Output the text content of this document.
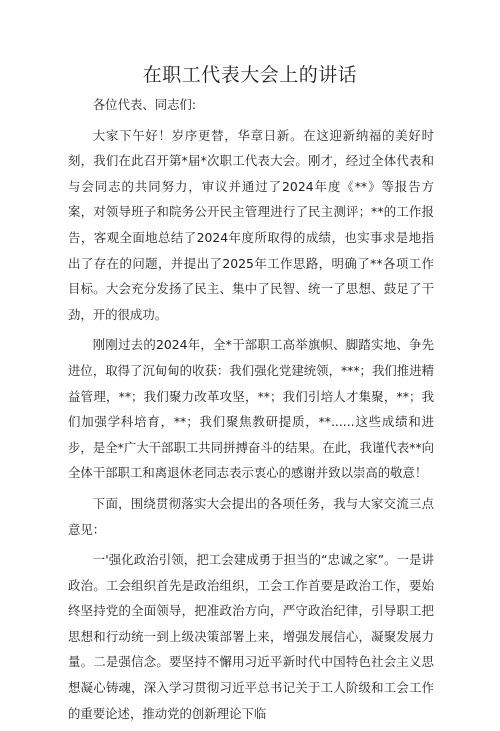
在职工代表大会上的讲话
各位代表、同志们:

大家下午好！岁序更替，华章日新。在这迎新纳福的美好时刻，我们在此召开第*届*次职工代表大会。刚才，经过全体代表和与会同志的共同努力，审议并通过了2024年度《**》等报告方案，对领导班子和院务公开民主管理进行了民主测评；**的工作报告，客观全面地总结了2024年度所取得的成绩，也实事求是地指出了存在的问题，并提出了2025年工作思路，明确了**各项工作目标。大会充分发扬了民主、集中了民智、统一了思想、鼓足了干劲，开的很成功。

刚刚过去的2024年，全*干部职工高举旗帜、脚踏实地、争先进位，取得了沉甸甸的收获：我们强化党建统领，***；我们推进精益管理，**；我们聚力改革攻坚，**；我们引培人才集聚，**；我们加强学科培育，**；我们聚焦教研提质，**......这些成绩和进步，是全*广大干部职工共同拼搏奋斗的结果。在此，我谨代表**向全体干部职工和离退休老同志表示衷心的感谢并致以崇高的敬意！

下面，围绕贯彻落实大会提出的各项任务，我与大家交流三点意见：

一'强化政治引领，把工会建成勇于担当的“忠诚之家”。一是讲政治。工会组织首先是政治组织，工会工作首要是政治工作，要始终坚持党的全面领导，把准政治方向，严守政治纪律，引导职工把思想和行动统一到上级决策部署上来，增强发展信心，凝聚发展力量。二是强信念。要坚持不懈用习近平新时代中国特色社会主义思想凝心铸魂，深入学习贯彻习近平总书记关于工人阶级和工会工作的重要论述，推动党的创新理论下临
